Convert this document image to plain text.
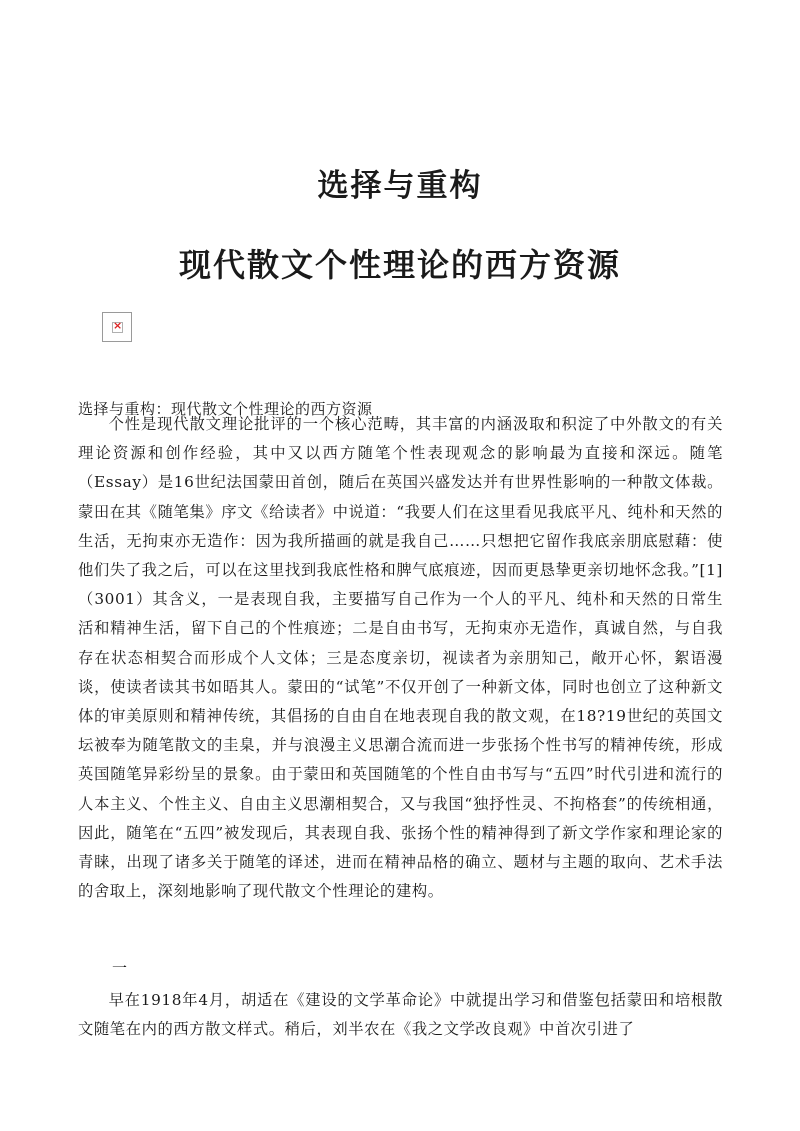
选择与重构
现代散文个性理论的西方资源
×
选择与重构：现代散文个性理论的西方资源

个性是现代散文理论批评的一个核心范畴，其丰富的内涵汲取和积淀了中外散文的有关理论资源和创作经验，其中又以西方随笔个性表现观念的影响最为直接和深远。随笔（Essay）是16世纪法国蒙田首创，随后在英国兴盛发达并有世界性影响的一种散文体裁。蒙田在其《随笔集》序文《给读者》中说道：“我要人们在这里看见我底平凡、纯朴和天然的生活，无拘束亦无造作：因为我所描画的就是我自己……只想把它留作我底亲朋底慰藉：使他们失了我之后，可以在这里找到我底性格和脾气底痕迹，因而更恳挚更亲切地怀念我。”[1]（3001）其含义，一是表现自我，主要描写自己作为一个人的平凡、纯朴和天然的日常生活和精神生活，留下自己的个性痕迹；二是自由书写，无拘束亦无造作，真诚自然，与自我存在状态相契合而形成个人文体；三是态度亲切，视读者为亲朋知己，敞开心怀，絮语漫谈，使读者读其书如晤其人。蒙田的“试笔”不仅开创了一种新文体，同时也创立了这种新文体的审美原则和精神传统，其倡扬的自由自在地表现自我的散文观，在18?19世纪的英国文坛被奉为随笔散文的圭臬，并与浪漫主义思潮合流而进一步张扬个性书写的精神传统，形成英国随笔异彩纷呈的景象。由于蒙田和英国随笔的个性自由书写与“五四”时代引进和流行的人本主义、个性主义、自由主义思潮相契合，又与我国“独抒性灵、不拘格套”的传统相通，因此，随笔在“五四”被发现后，其表现自我、张扬个性的精神得到了新文学作家和理论家的青睐，出现了诸多关于随笔的译述，进而在精神品格的确立、题材与主题的取向、艺术手法的舍取上，深刻地影响了现代散文个性理论的建构。

一

早在1918年4月，胡适在《建设的文学革命论》中就提出学习和借鉴包括蒙田和培根散文随笔在内的西方散文样式。稍后，刘半农在《我之文学改良观》中首次引进了
